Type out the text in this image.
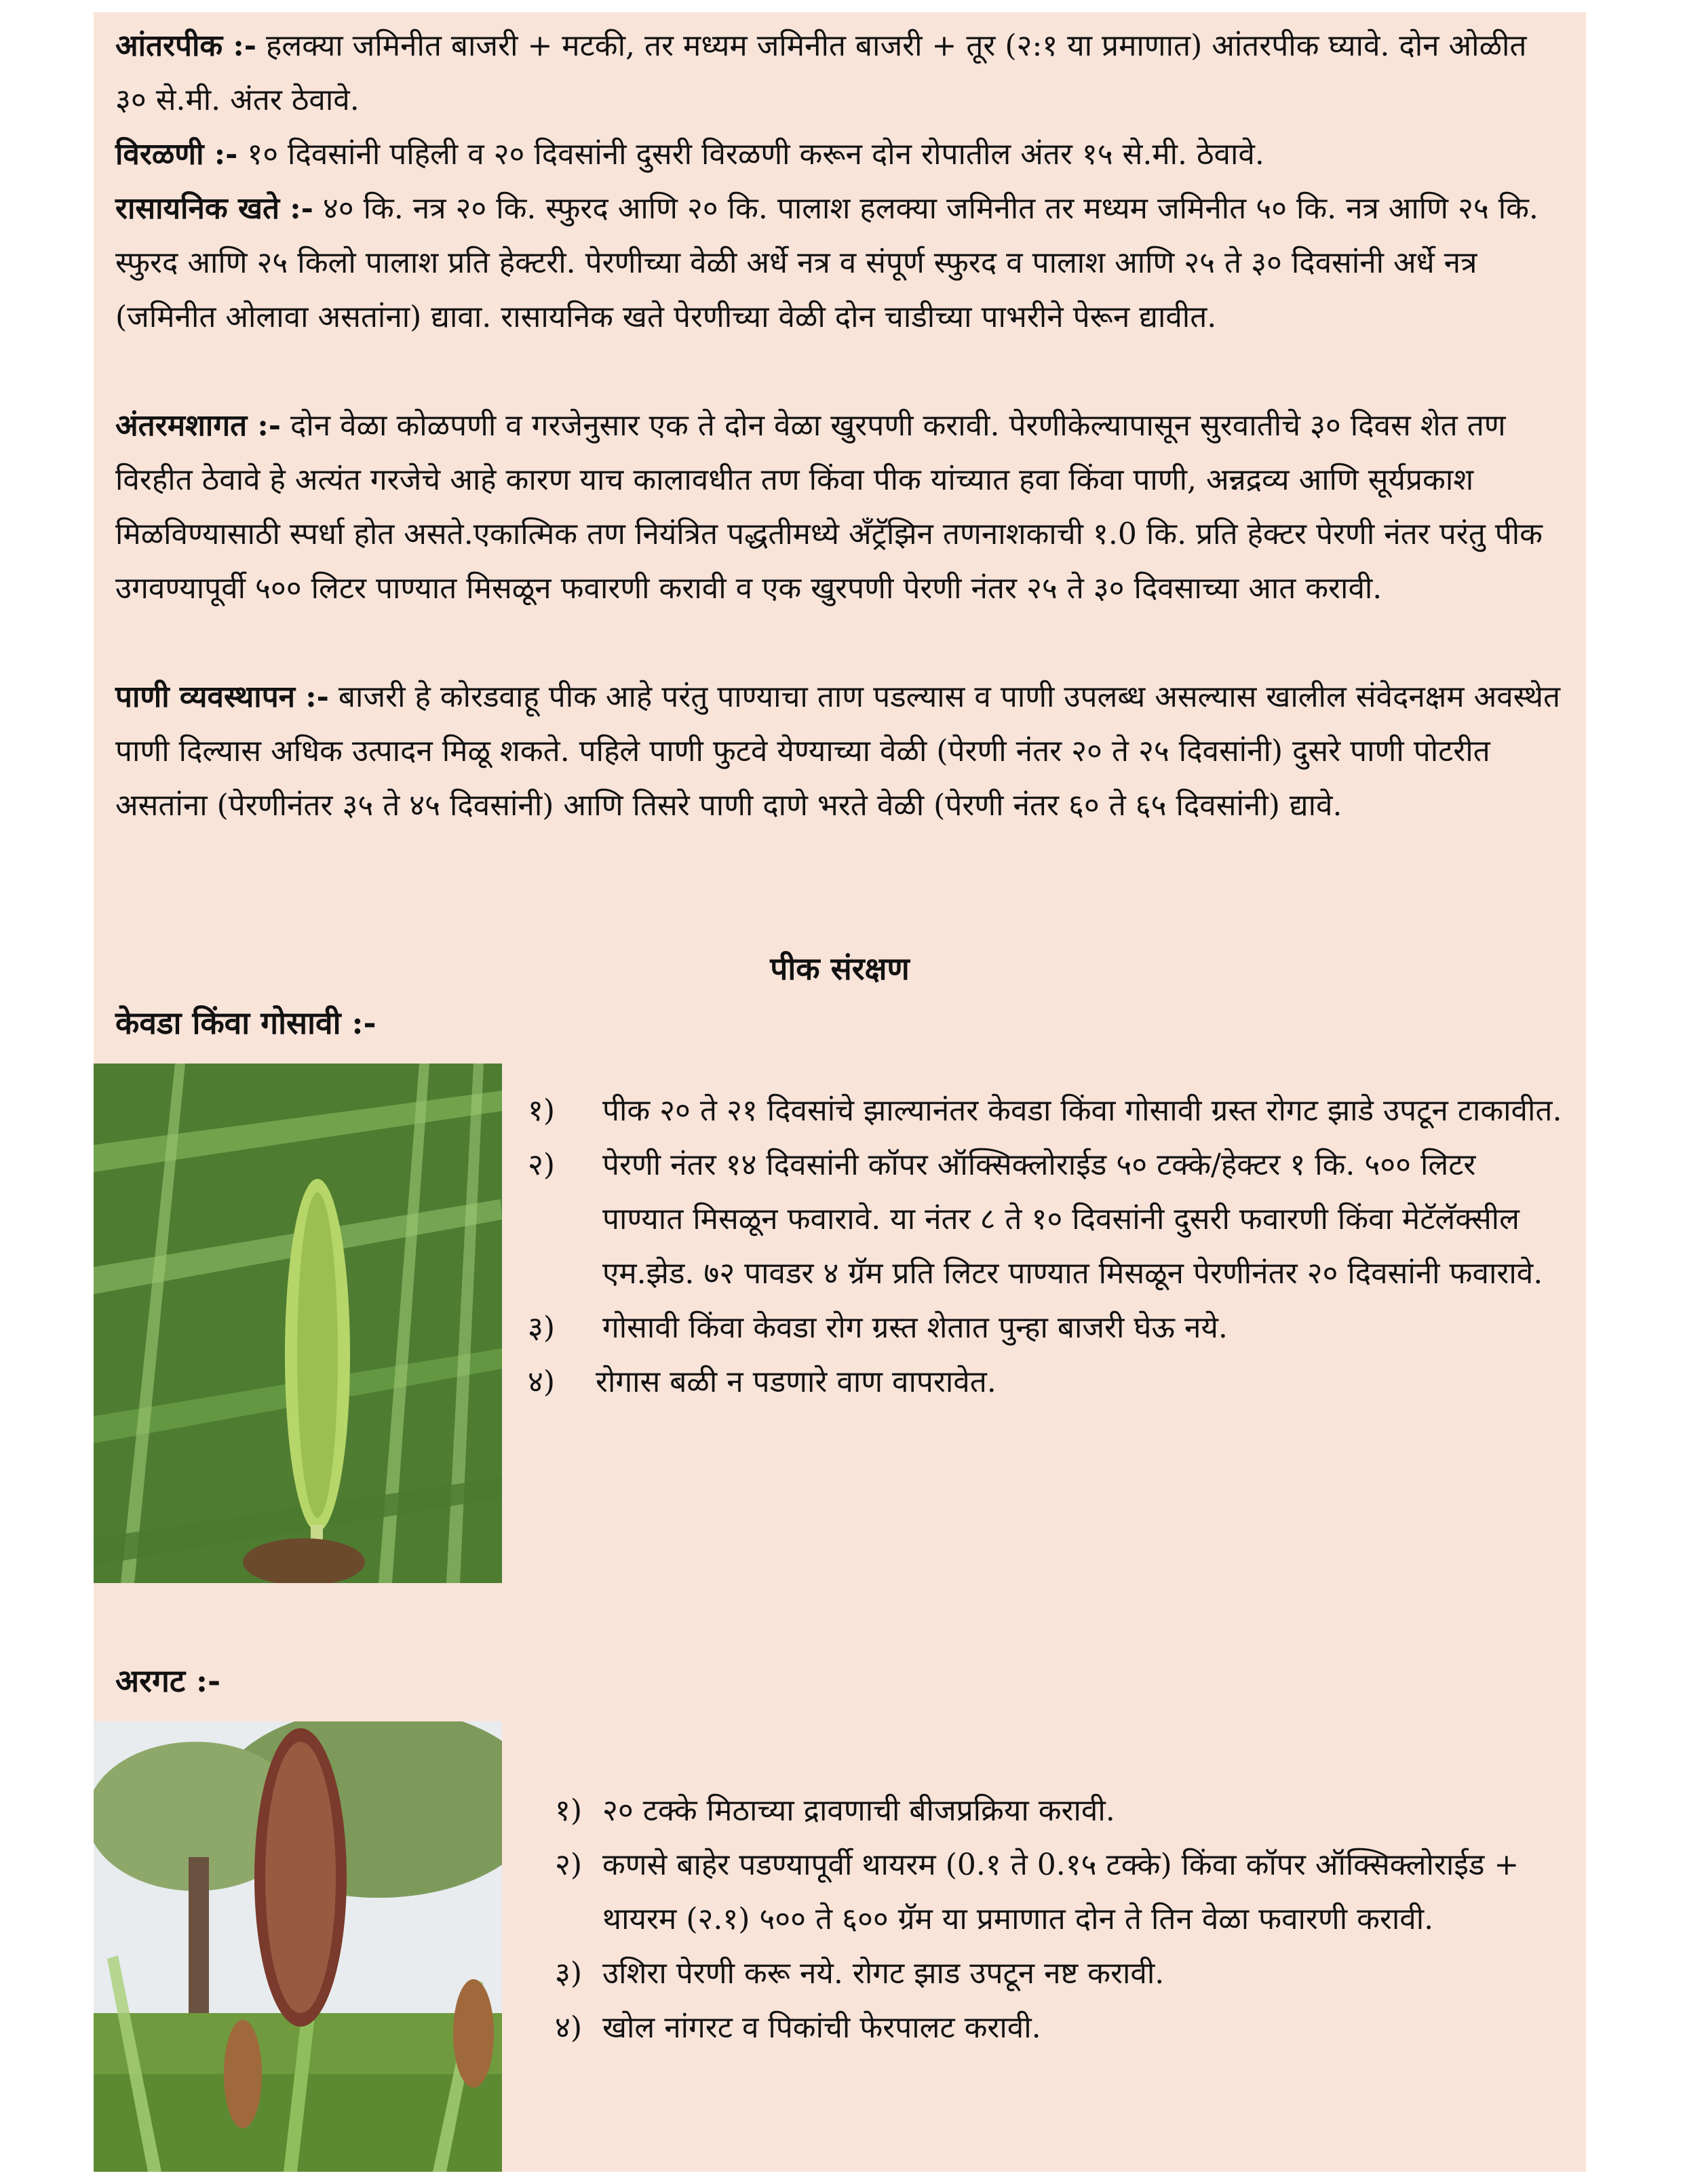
आंतरपीक :- हलक्या जमिनीत बाजरी + मटकी, तर मध्यम जमिनीत बाजरी + तूर (२:१ या प्रमाणात) आंतरपीक घ्यावे. दोन ओळीत ३० से.मी. अंतर ठेवावे.

विरळणी :- १० दिवसांनी पहिली व २० दिवसांनी दुसरी विरळणी करून दोन रोपातील अंतर १५ से.मी. ठेवावे.

रासायनिक खते :- ४० कि. नत्र २० कि. स्फुरद आणि २० कि. पालाश हलक्या जमिनीत तर मध्यम जमिनीत ५० कि. नत्र आणि २५ कि. स्फुरद आणि २५ किलो पालाश प्रति हेक्टरी. पेरणीच्या वेळी अर्धे नत्र व संपूर्ण स्फुरद व पालाश आणि २५ ते ३० दिवसांनी अर्धे नत्र (जमिनीत ओलावा असतांना) द्यावा. रासायनिक खते पेरणीच्या वेळी दोन चाडीच्या पाभरीने पेरून द्यावीत.

अंतरमशागत :- दोन वेळा कोळपणी व गरजेनुसार एक ते दोन वेळा खुरपणी करावी. पेरणीकेल्यापासून सुरवातीचे ३० दिवस शेत तण विरहीत ठेवावे हे अत्यंत गरजेचे आहे कारण याच कालावधीत तण किंवा पीक यांच्यात हवा किंवा पाणी, अन्नद्रव्य आणि सूर्यप्रकाश मिळविण्यासाठी स्पर्धा होत असते.एकात्मिक तण नियंत्रित पद्धतीमध्ये अँट्रॅझिन तणनाशकाची १.0 कि. प्रति हेक्टर पेरणी नंतर परंतु पीक उगवण्यापूर्वी ५०० लिटर पाण्यात मिसळून फवारणी करावी व एक खुरपणी पेरणी नंतर २५ ते ३० दिवसाच्या आत करावी.

पाणी व्यवस्थापन :- बाजरी हे कोरडवाहू पीक आहे परंतु पाण्याचा ताण पडल्यास व पाणी उपलब्ध असल्यास खालील संवेदनक्षम अवस्थेत पाणी दिल्यास अधिक उत्पादन मिळू शकते. पहिले पाणी फुटवे येण्याच्या वेळी (पेरणी नंतर २० ते २५ दिवसांनी) दुसरे पाणी पोटरीत असतांना (पेरणीनंतर ३५ ते ४५ दिवसांनी) आणि तिसरे पाणी दाणे भरते वेळी (पेरणी नंतर ६० ते ६५ दिवसांनी) द्यावे.

पीक संरक्षण
केवडा किंवा गोसावी :-
१) पीक २० ते २१ दिवसांचे झाल्यानंतर केवडा किंवा गोसावी ग्रस्त रोगट झाडे उपटून टाकावीत.
२) पेरणी नंतर १४ दिवसांनी कॉपर ऑक्सिक्लोराईड ५० टक्के/हेक्टर १ कि. ५०० लिटर पाण्यात मिसळून फवारावे. या नंतर ८ ते १० दिवसांनी दुसरी फवारणी किंवा मेटॅलॅक्सील
एम.झेड. ७२ पावडर ४ ग्रॅम प्रति लिटर पाण्यात मिसळून पेरणीनंतर २० दिवसांनी फवारावे.
३) गोसावी किंवा केवडा रोग ग्रस्त शेतात पुन्हा बाजरी घेऊ नये.
४) रोगास बळी न पडणारे वाण वापरावेत.
अरगट :-
१) २० टक्के मिठाच्या द्रावणाची बीजप्रक्रिया करावी.
२) कणसे बाहेर पडण्यापूर्वी थायरम (0.१ ते 0.१५ टक्के) किंवा कॉपर ऑक्सिक्लोराईड + थायरम (२.१) ५०० ते ६०० ग्रॅम या प्रमाणात दोन ते तिन वेळा फवारणी करावी.
३) उशिरा पेरणी करू नये. रोगट झाड उपटून नष्ट करावी.
४) खोल नांगरट व पिकांची फेरपालट करावी.
